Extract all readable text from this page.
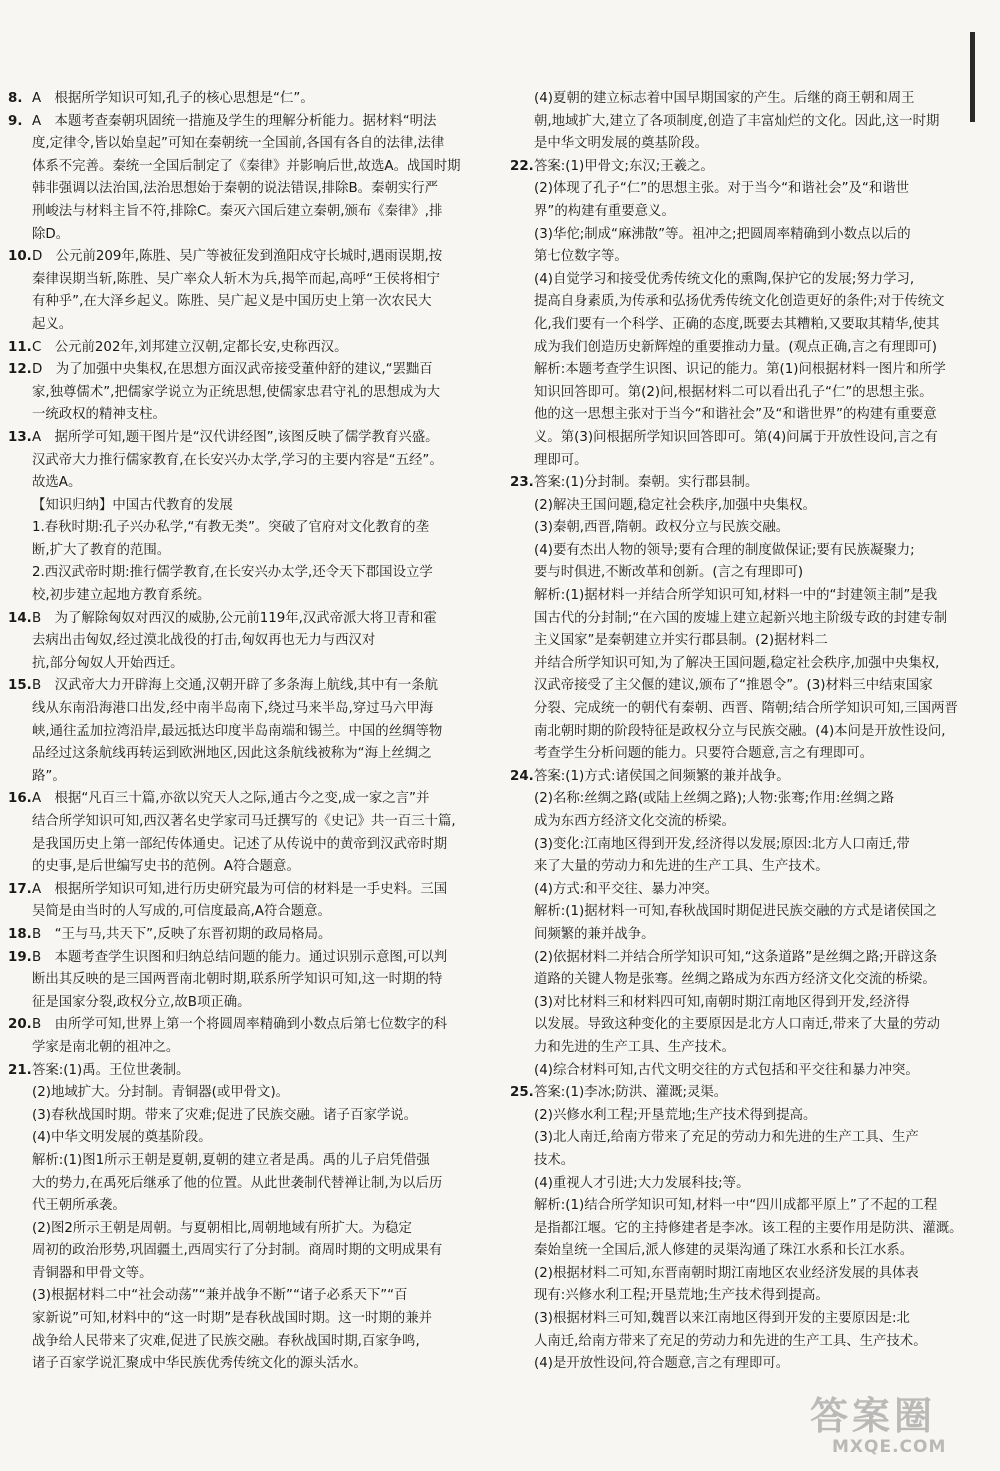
8. A　根据所学知识可知,孔子的核心思想是“仁”。
9. A　本题考查秦朝巩固统一措施及学生的理解分析能力。据材料“明法
度,定律令,皆以始皇起”可知在秦朝统一全国前,各国有各自的法律,法律
体系不完善。秦统一全国后制定了《秦律》并影响后世,故选A。战国时期
韩非强调以法治国,法治思想始于秦朝的说法错误,排除B。秦朝实行严
刑峻法与材料主旨不符,排除C。秦灭六国后建立秦朝,颁布《秦律》,排
除D。
10. D　公元前209年,陈胜、吴广等被征发到渔阳戍守长城时,遇雨误期,按
秦律误期当斩,陈胜、吴广率众人斩木为兵,揭竿而起,高呼“王侯将相宁
有种乎”,在大泽乡起义。陈胜、吴广起义是中国历史上第一次农民大
起义。
11. C　公元前202年,刘邦建立汉朝,定都长安,史称西汉。
12. D　为了加强中央集权,在思想方面汉武帝接受董仲舒的建议,“罢黜百
家,独尊儒术”,把儒家学说立为正统思想,使儒家忠君守礼的思想成为大
一统政权的精神支柱。
13. A　据所学可知,题干图片是“汉代讲经图”,该图反映了儒学教育兴盛。
汉武帝大力推行儒家教育,在长安兴办太学,学习的主要内容是“五经”。
故选A。
【知识归纳】中国古代教育的发展
1.春秋时期:孔子兴办私学,“有教无类”。突破了官府对文化教育的垄
断,扩大了教育的范围。
2.西汉武帝时期:推行儒学教育,在长安兴办太学,还令天下郡国设立学
校,初步建立起地方教育系统。
14. B　为了解除匈奴对西汉的威胁,公元前119年,汉武帝派大将卫青和霍
去病出击匈奴,经过漠北战役的打击,匈奴再也无力与西汉对
抗,部分匈奴人开始西迁。
15. B　汉武帝大力开辟海上交通,汉朝开辟了多条海上航线,其中有一条航
线从东南沿海港口出发,经中南半岛南下,绕过马来半岛,穿过马六甲海
峡,通往孟加拉湾沿岸,最远抵达印度半岛南端和锡兰。中国的丝绸等物
品经过这条航线再转运到欧洲地区,因此这条航线被称为“海上丝绸之
路”。
16. A　根据“凡百三十篇,亦欲以究天人之际,通古今之变,成一家之言”并
结合所学知识可知,西汉著名史学家司马迁撰写的《史记》共一百三十篇,
是我国历史上第一部纪传体通史。记述了从传说中的黄帝到汉武帝时期
的史事,是后世编写史书的范例。A符合题意。
17. A　根据所学知识可知,进行历史研究最为可信的材料是一手史料。三国
吴简是由当时的人写成的,可信度最高,A符合题意。
18. B　“王与马,共天下”,反映了东晋初期的政局格局。
19. B　本题考查学生识图和归纳总结问题的能力。通过识别示意图,可以判
断出其反映的是三国两晋南北朝时期,联系所学知识可知,这一时期的特
征是国家分裂,政权分立,故B项正确。
20. B　由所学可知,世界上第一个将圆周率精确到小数点后第七位数字的科
学家是南北朝的祖冲之。
21. 答案:(1)禹。王位世袭制。
(2)地域扩大。分封制。青铜器(或甲骨文)。
(3)春秋战国时期。带来了灾难;促进了民族交融。诸子百家学说。
(4)中华文明发展的奠基阶段。
解析:(1)图1所示王朝是夏朝,夏朝的建立者是禹。禹的儿子启凭借强
大的势力,在禹死后继承了他的位置。从此世袭制代替禅让制,为以后历
代王朝所承袭。
(2)图2所示王朝是周朝。与夏朝相比,周朝地域有所扩大。为稳定
周初的政治形势,巩固疆土,西周实行了分封制。商周时期的文明成果有
青铜器和甲骨文等。
(3)根据材料二中“社会动荡”“兼并战争不断”“诸子必系天下”“百
家新说”可知,材料中的“这一时期”是春秋战国时期。这一时期的兼并
战争给人民带来了灾难,促进了民族交融。春秋战国时期,百家争鸣,
诸子百家学说汇聚成中华民族优秀传统文化的源头活水。
(4)夏朝的建立标志着中国早期国家的产生。后继的商王朝和周王
朝,地域扩大,建立了各项制度,创造了丰富灿烂的文化。因此,这一时期
是中华文明发展的奠基阶段。
22. 答案:(1)甲骨文;东汉;王羲之。
(2)体现了孔子“仁”的思想主张。对于当今“和谐社会”及“和谐世
界”的构建有重要意义。
(3)华佗;制成“麻沸散”等。祖冲之;把圆周率精确到小数点以后的
第七位数字等。
(4)自觉学习和接受优秀传统文化的熏陶,保护它的发展;努力学习,
提高自身素质,为传承和弘扬优秀传统文化创造更好的条件;对于传统文
化,我们要有一个科学、正确的态度,既要去其糟粕,又要取其精华,使其
成为我们创造历史新辉煌的重要推动力量。(观点正确,言之有理即可)
解析:本题考查学生识图、识记的能力。第(1)问根据材料一图片和所学
知识回答即可。第(2)问,根据材料二可以看出孔子“仁”的思想主张。
他的这一思想主张对于当今“和谐社会”及“和谐世界”的构建有重要意
义。第(3)问根据所学知识回答即可。第(4)问属于开放性设问,言之有
理即可。
23. 答案:(1)分封制。秦朝。实行郡县制。
(2)解决王国问题,稳定社会秩序,加强中央集权。
(3)秦朝,西晋,隋朝。政权分立与民族交融。
(4)要有杰出人物的领导;要有合理的制度做保证;要有民族凝聚力;
要与时俱进,不断改革和创新。(言之有理即可)
解析:(1)据材料一并结合所学知识可知,材料一中的“封建领主制”是我
国古代的分封制;“在六国的废墟上建立起新兴地主阶级专政的封建专制
主义国家”是秦朝建立并实行郡县制。(2)据材料二
并结合所学知识可知,为了解决王国问题,稳定社会秩序,加强中央集权,
汉武帝接受了主父偃的建议,颁布了“推恩令”。(3)材料三中结束国家
分裂、完成统一的朝代有秦朝、西晋、隋朝;结合所学知识可知,三国两晋
南北朝时期的阶段特征是政权分立与民族交融。(4)本问是开放性设问,
考查学生分析问题的能力。只要符合题意,言之有理即可。
24. 答案:(1)方式:诸侯国之间频繁的兼并战争。
(2)名称:丝绸之路(或陆上丝绸之路);人物:张骞;作用:丝绸之路
成为东西方经济文化交流的桥梁。
(3)变化:江南地区得到开发,经济得以发展;原因:北方人口南迁,带
来了大量的劳动力和先进的生产工具、生产技术。
(4)方式:和平交往、暴力冲突。
解析:(1)据材料一可知,春秋战国时期促进民族交融的方式是诸侯国之
间频繁的兼并战争。
(2)依据材料二并结合所学知识可知,“这条道路”是丝绸之路;开辟这条
道路的关键人物是张骞。丝绸之路成为东西方经济文化交流的桥梁。
(3)对比材料三和材料四可知,南朝时期江南地区得到开发,经济得
以发展。导致这种变化的主要原因是北方人口南迁,带来了大量的劳动
力和先进的生产工具、生产技术。
(4)综合材料可知,古代文明交往的方式包括和平交往和暴力冲突。
25. 答案:(1)李冰;防洪、灌溉;灵渠。
(2)兴修水利工程;开垦荒地;生产技术得到提高。
(3)北人南迁,给南方带来了充足的劳动力和先进的生产工具、生产
技术。
(4)重视人才引进;大力发展科技;等。
解析:(1)结合所学知识可知,材料一中“四川成都平原上”了不起的工程
是指都江堰。它的主持修建者是李冰。该工程的主要作用是防洪、灌溉。
秦始皇统一全国后,派人修建的灵渠沟通了珠江水系和长江水系。
(2)根据材料二可知,东晋南朝时期江南地区农业经济发展的具体表
现有:兴修水利工程;开垦荒地;生产技术得到提高。
(3)根据材料三可知,魏晋以来江南地区得到开发的主要原因是:北
人南迁,给南方带来了充足的劳动力和先进的生产工具、生产技术。
(4)是开放性设问,符合题意,言之有理即可。
答案圈
MXQE.COM
